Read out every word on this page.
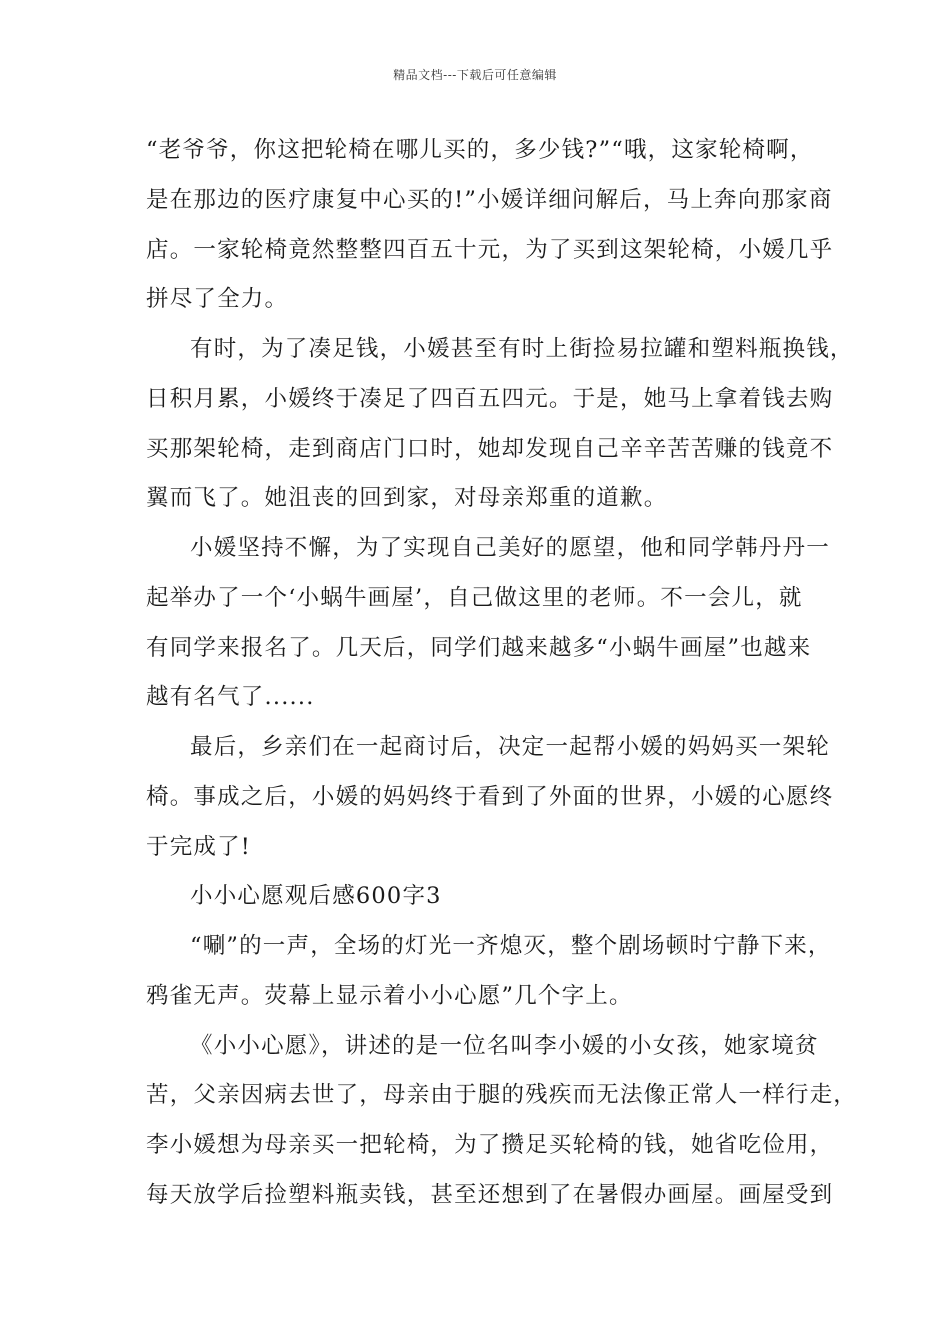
精品文档---下载后可任意编辑
“老爷爷，你这把轮椅在哪儿买的，多少钱?”“哦，这家轮椅啊，
是在那边的医疗康复中心买的!”小媛详细问解后，马上奔向那家商
店。一家轮椅竟然整整四百五十元，为了买到这架轮椅，小媛几乎
拼尽了全力。
有时，为了凑足钱，小媛甚至有时上街捡易拉罐和塑料瓶换钱，
日积月累，小媛终于凑足了四百五四元。于是，她马上拿着钱去购
买那架轮椅，走到商店门口时，她却发现自己辛辛苦苦赚的钱竟不
翼而飞了。她沮丧的回到家，对母亲郑重的道歉。
小媛坚持不懈，为了实现自己美好的愿望，他和同学韩丹丹一
起举办了一个‘小蜗牛画屋’，自己做这里的老师。不一会儿，就
有同学来报名了。几天后，同学们越来越多“小蜗牛画屋”也越来
越有名气了......
最后，乡亲们在一起商讨后，决定一起帮小媛的妈妈买一架轮
椅。事成之后，小媛的妈妈终于看到了外面的世界，小媛的心愿终
于完成了!
小小心愿观后感600字3
“唰”的一声，全场的灯光一齐熄灭，整个剧场顿时宁静下来，
鸦雀无声。荧幕上显示着小小心愿”几个字上。
《小小心愿》，讲述的是一位名叫李小媛的小女孩，她家境贫
苦，父亲因病去世了，母亲由于腿的残疾而无法像正常人一样行走，
李小媛想为母亲买一把轮椅，为了攒足买轮椅的钱，她省吃俭用，
每天放学后捡塑料瓶卖钱，甚至还想到了在暑假办画屋。画屋受到
